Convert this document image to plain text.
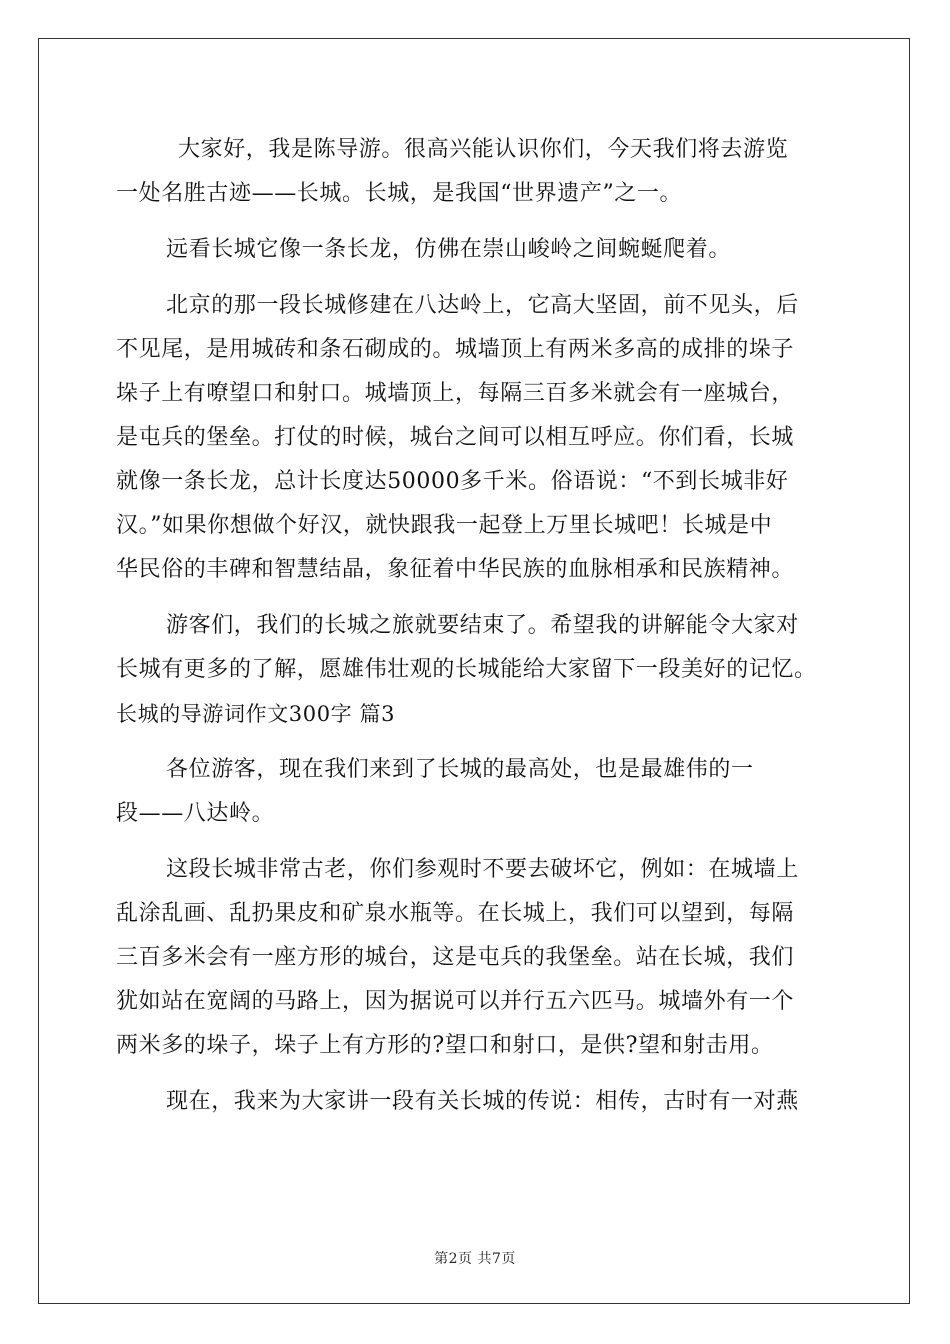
大家好，我是陈导游。很高兴能认识你们，今天我们将去游览
一处名胜古迹——长城。长城，是我国“世界遗产”之一。
远看长城它像一条长龙，仿佛在崇山峻岭之间蜿蜒爬着。
北京的那一段长城修建在八达岭上，它高大坚固，前不见头，后
不见尾，是用城砖和条石砌成的。城墙顶上有两米多高的成排的垛子
垛子上有嘹望口和射口。城墙顶上，每隔三百多米就会有一座城台，
是屯兵的堡垒。打仗的时候，城台之间可以相互呼应。你们看，长城
就像一条长龙，总计长度达50000多千米。俗语说：“不到长城非好
汉。”如果你想做个好汉，就快跟我一起登上万里长城吧！长城是中
华民俗的丰碑和智慧结晶，象征着中华民族的血脉相承和民族精神。
游客们，我们的长城之旅就要结束了。希望我的讲解能令大家对
长城有更多的了解，愿雄伟壮观的长城能给大家留下一段美好的记忆。
长城的导游词作文300字 篇3
各位游客，现在我们来到了长城的最高处，也是最雄伟的一
段——八达岭。
这段长城非常古老，你们参观时不要去破坏它，例如：在城墙上
乱涂乱画、乱扔果皮和矿泉水瓶等。在长城上，我们可以望到，每隔
三百多米会有一座方形的城台，这是屯兵的我堡垒。站在长城，我们
犹如站在宽阔的马路上，因为据说可以并行五六匹马。城墙外有一个
两米多的垛子，垛子上有方形的?望口和射口，是供?望和射击用。
现在，我来为大家讲一段有关长城的传说：相传，古时有一对燕
第2页 共7页
